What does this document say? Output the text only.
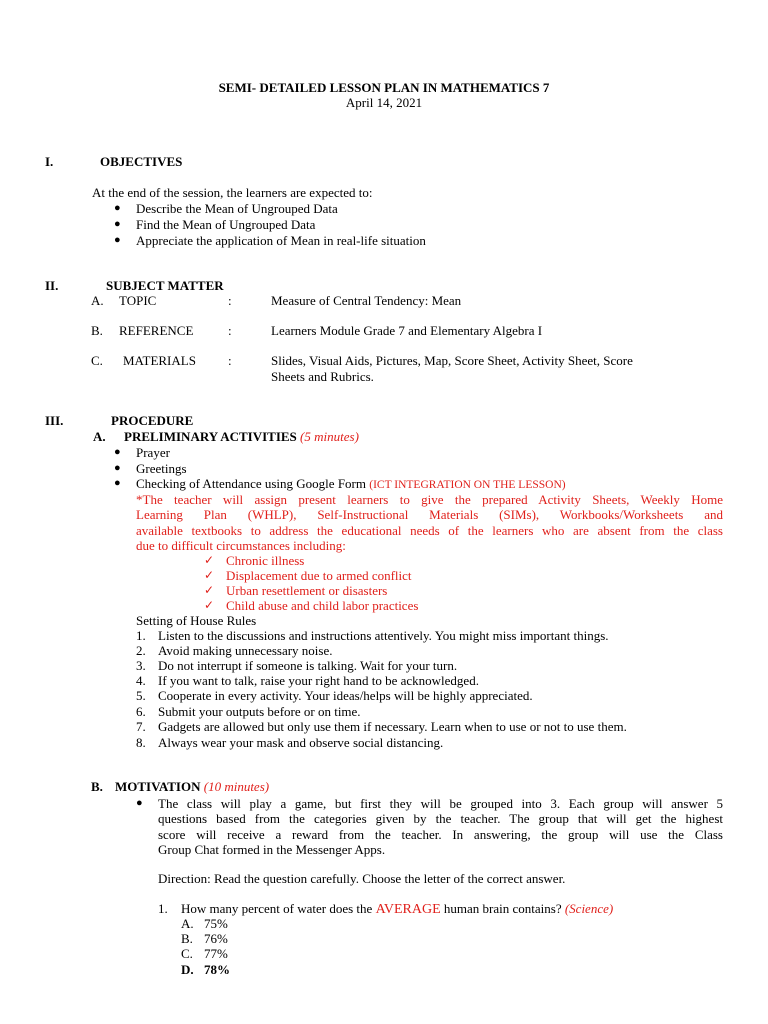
SEMI- DETAILED LESSON PLAN IN MATHEMATICS 7
April 14, 2021
I.	OBJECTIVES
At the end of the session, the learners are expected to:
● Describe the Mean of Ungrouped Data
● Find the Mean of Ungrouped Data
● Appreciate the application of Mean in real-life situation
II.	SUBJECT MATTER
A. TOPIC	:	Measure of Central Tendency: Mean
B. REFERENCE	:	Learners Module Grade 7 and Elementary Algebra I
C. MATERIALS :	Slides, Visual Aids, Pictures, Map, Score Sheet, Activity Sheet, Score
Sheets and Rubrics.
III.	PROCEDURE
A. PRELIMINARY ACTIVITIES (5 minutes)
● Prayer
● Greetings
● Checking of Attendance using Google Form (ICT INTEGRATION ON THE LESSON)
*The teacher will assign present learners to give the prepared Activity Sheets, Weekly Home
Learning Plan (WHLP), Self-Instructional Materials (SIMs), Workbooks/Worksheets and
available textbooks to address the educational needs of the learners who are absent from the class
due to difficult circumstances including:
✓ Chronic illness
✓ Displacement due to armed conflict
✓ Urban resettlement or disasters
✓ Child abuse and child labor practices
Setting of House Rules
1. Listen to the discussions and instructions attentively. You might miss important things.
2. Avoid making unnecessary noise.
3. Do not interrupt if someone is talking. Wait for your turn.
4. If you want to talk, raise your right hand to be acknowledged.
5. Cooperate in every activity. Your ideas/helps will be highly appreciated.
6. Submit your outputs before or on time.
7. Gadgets are allowed but only use them if necessary. Learn when to use or not to use them.
8. Always wear your mask and observe social distancing.
B. MOTIVATION (10 minutes)
● The class will play a game, but first they will be grouped into 3. Each group will answer 5
questions based from the categories given by the teacher. The group that will get the highest
score will receive a reward from the teacher. In answering, the group will use the Class
Group Chat formed in the Messenger Apps.
Direction: Read the question carefully. Choose the letter of the correct answer.
1. How many percent of water does the AVERAGE human brain contains? (Science)
A. 75%
B. 76%
C. 77%
D. 78%
